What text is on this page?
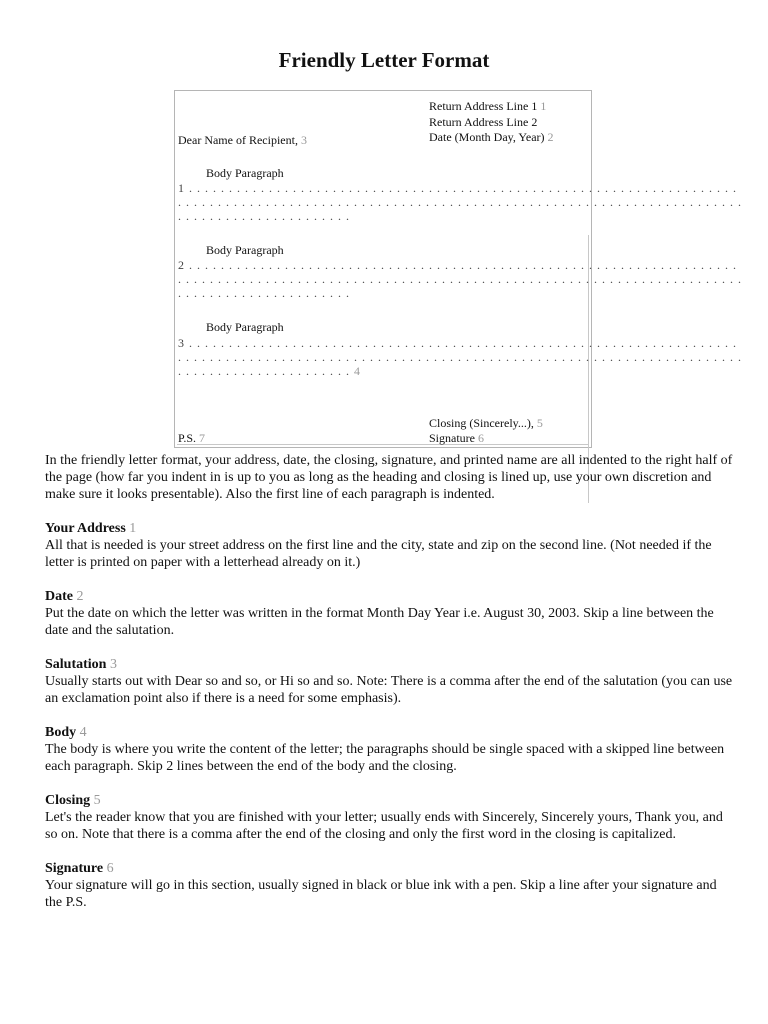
Friendly Letter Format
Return Address Line 1 1
Return Address Line 2
Date (Month Day, Year) 2
Dear Name of Recipient, 3
Body Paragraph
1 . . . . . . . . . . . . . . . . . . . . . . . . . . . . . . . . . . . . . . . . . . . . . . . . . . . . . . . . . . . . . . . . . . . . .
. . . . . . . . . . . . . . . . . . . . . . . . . . . . . . . . . . . . . . . . . . . . . . . . . . . . . . . . . . . . . . . . . . . . . . .
. . . . . . . . . . . . . . . . . . . . . .
Body Paragraph
2 . . . . . . . . . . . . . . . . . . . . . . . . . . . . . . . . . . . . . . . . . . . . . . . . . . . . . . . . . . . . . . . . . . . . .
. . . . . . . . . . . . . . . . . . . . . . . . . . . . . . . . . . . . . . . . . . . . . . . . . . . . . . . . . . . . . . . . . . . . . . .
. . . . . . . . . . . . . . . . . . . . . .
Body Paragraph
3 . . . . . . . . . . . . . . . . . . . . . . . . . . . . . . . . . . . . . . . . . . . . . . . . . . . . . . . . . . . . . . . . . . . . .
. . . . . . . . . . . . . . . . . . . . . . . . . . . . . . . . . . . . . . . . . . . . . . . . . . . . . . . . . . . . . . . . . . . . . . .
. . . . . . . . . . . . . . . . . . . . . . 4
Closing (Sincerely...), 5
Signature 6
P.S. 7

In the friendly letter format, your address, date, the closing, signature, and printed name are all indented to the right half of the page (how far you indent in is up to you as long as the heading and closing is lined up, use your own discretion and make sure it looks presentable). Also the first line of each paragraph is indented.

Your Address 1
All that is needed is your street address on the first line and the city, state and zip on the second line. (Not needed if the letter is printed on paper with a letterhead already on it.)
Date 2
Put the date on which the letter was written in the format Month Day Year i.e. August 30, 2003. Skip a line between the date and the salutation.
Salutation 3
Usually starts out with Dear so and so, or Hi so and so. Note: There is a comma after the end of the salutation (you can use an exclamation point also if there is a need for some emphasis).
Body 4
The body is where you write the content of the letter; the paragraphs should be single spaced with a skipped line between each paragraph. Skip 2 lines between the end of the body and the closing.
Closing 5
Let's the reader know that you are finished with your letter; usually ends with Sincerely, Sincerely yours, Thank you, and so on. Note that there is a comma after the end of the closing and only the first word in the closing is capitalized.
Signature 6
Your signature will go in this section, usually signed in black or blue ink with a pen. Skip a line after your signature and the P.S.
